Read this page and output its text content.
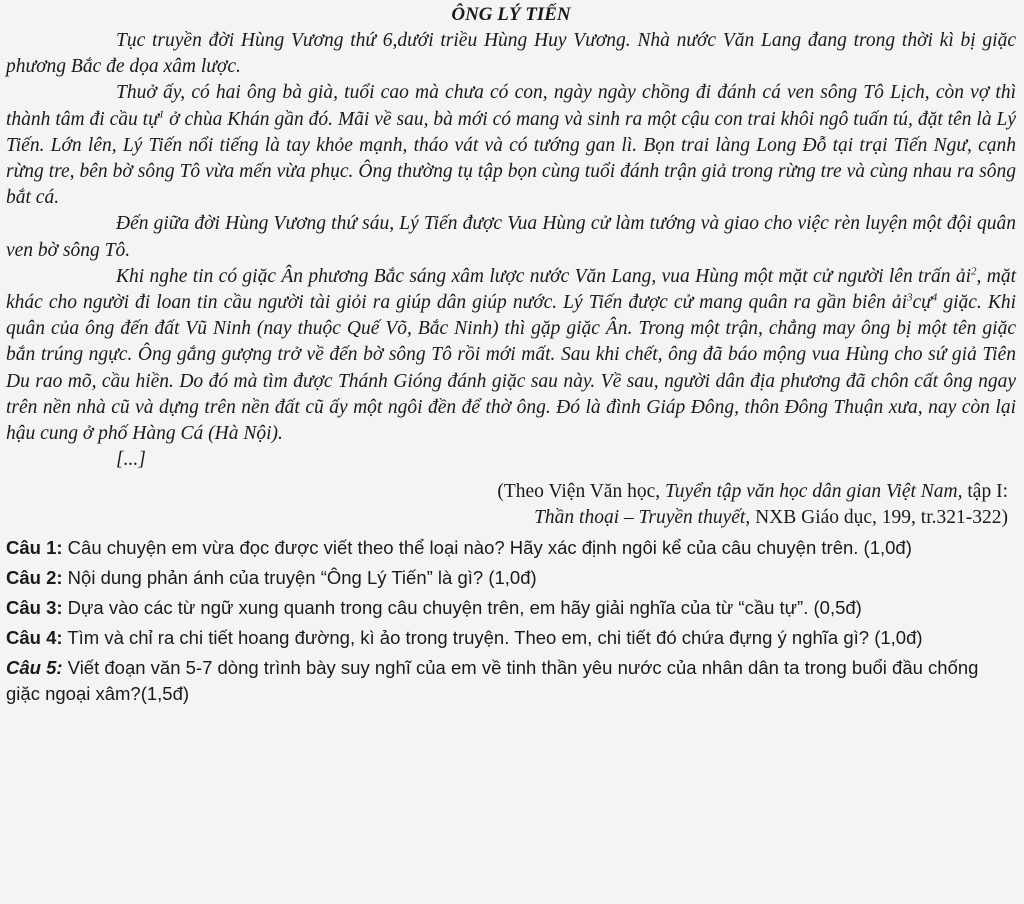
ÔNG LÝ TIẾN

Tục truyền đời Hùng Vương thứ 6,dưới triều Hùng Huy Vương. Nhà nước Văn Lang đang trong thời kì bị giặc phương Bắc đe dọa xâm lược.

Thuở ấy, có hai ông bà già, tuổi cao mà chưa có con, ngày ngày chồng đi đánh cá ven sông Tô Lịch, còn vợ thì thành tâm đi cầu tự$^1$ ở chùa Khán gần đó. Mãi về sau, bà mới có mang và sinh ra một cậu con trai khôi ngô tuấn tú, đặt tên là Lý Tiến. Lớn lên, Lý Tiến nổi tiếng là tay khỏe mạnh, tháo vát và có tướng gan lì. Bọn trai làng Long Đỗ tại trại Tiến Ngư, cạnh rừng tre, bên bờ sông Tô vừa mến vừa phục. Ông thường tụ tập bọn cùng tuổi đánh trận giả trong rừng tre và cùng nhau ra sông bắt cá.

Đến giữa đời Hùng Vương thứ sáu, Lý Tiến được Vua Hùng cử làm tướng và giao cho việc rèn luyện một đội quân ven bờ sông Tô.

Khi nghe tin có giặc Ân phương Bắc sáng xâm lược nước Văn Lang, vua Hùng một mặt cử người lên trấn ải$^2$, mặt khác cho người đi loan tin cầu người tài giỏi ra giúp dân giúp nước. Lý Tiến được cử mang quân ra gần biên ải$^3$cự$^4$ giặc. Khi quân của ông đến đất Vũ Ninh (nay thuộc Quế Võ, Bắc Ninh) thì gặp giặc Ân. Trong một trận, chẳng may ông bị một tên giặc bắn trúng ngực. Ông gắng gượng trở về đến bờ sông Tô rồi mới mất. Sau khi chết, ông đã báo mộng vua Hùng cho sứ giả Tiên Du rao mõ, cầu hiền. Do đó mà tìm được Thánh Gióng đánh giặc sau này. Về sau, người dân địa phương đã chôn cất ông ngay trên nền nhà cũ và dựng trên nền đất cũ ấy một ngôi đền để thờ ông. Đó là đình Giáp Đông, thôn Đông Thuận xưa, nay còn lại hậu cung ở phố Hàng Cá (Hà Nội).

[...]

(Theo Viện Văn học, Tuyển tập văn học dân gian Việt Nam, tập I:
Thần thoại – Truyền thuyết, NXB Giáo dục, 199, tr.321-322)

Câu 1: Câu chuyện em vừa đọc được viết theo thể loại nào? Hãy xác định ngôi kể của câu chuyện trên. (1,0đ)

Câu 2: Nội dung phản ánh của truyện “Ông Lý Tiến” là gì? (1,0đ)

Câu 3: Dựa vào các từ ngữ xung quanh trong câu chuyện trên, em hãy giải nghĩa của từ “cầu tự”. (0,5đ)

Câu 4: Tìm và chỉ ra chi tiết hoang đường, kì ảo trong truyện. Theo em, chi tiết đó chứa đựng ý nghĩa gì? (1,0đ)

Câu 5: Viết đoạn văn 5-7 dòng trình bày suy nghĩ của em về tinh thần yêu nước của nhân dân ta trong buổi đầu chống giặc ngoại xâm?(1,5đ)
